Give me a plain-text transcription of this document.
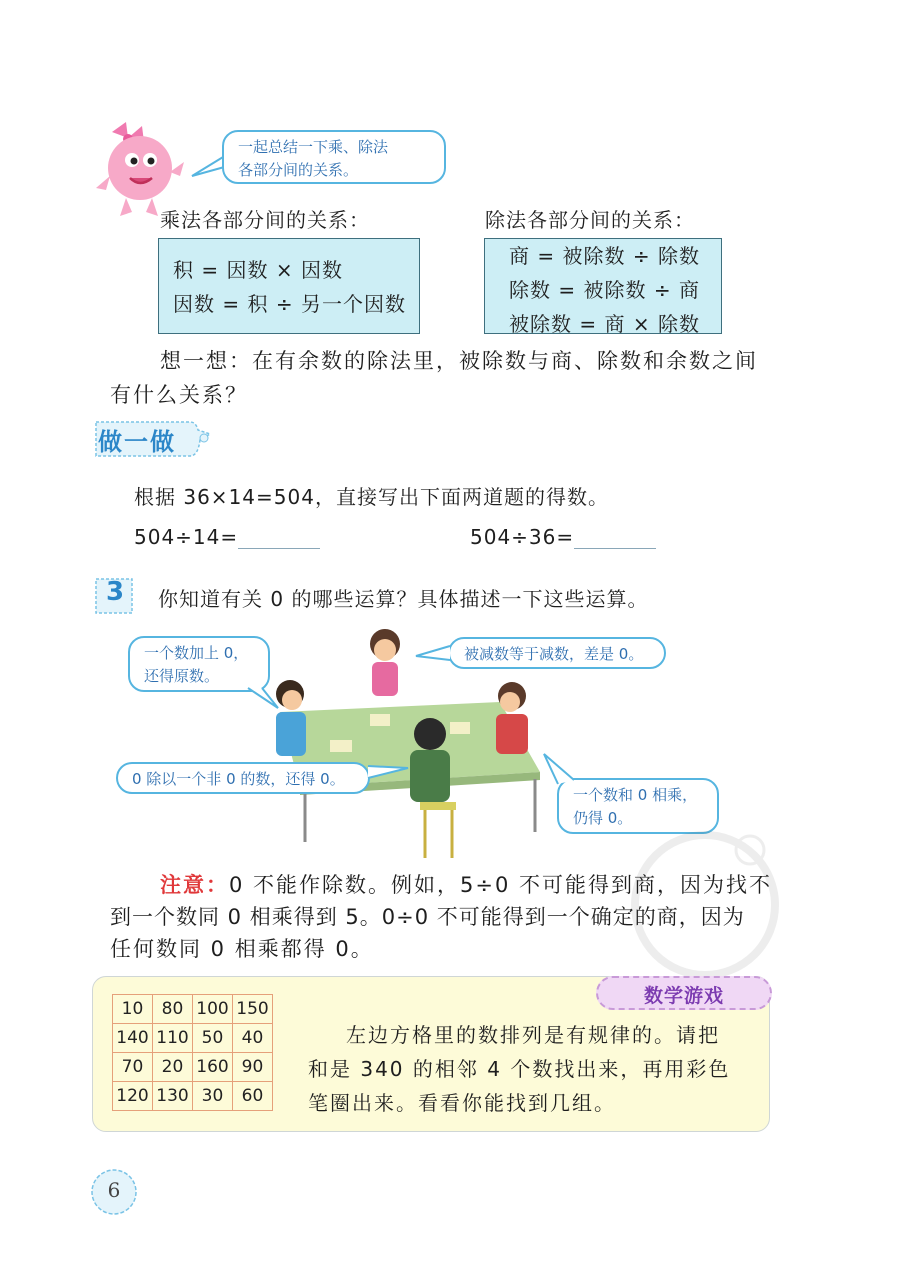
一起总结一下乘、除法
各部分间的关系。
乘法各部分间的关系：	除法各部分间的关系：
积 = 因数 × 因数
因数 = 积 ÷ 另一个因数
商 = 被除数 ÷ 除数
除数 = 被除数 ÷ 商
被除数 = 商 × 除数
想一想：在有余数的除法里，被除数与商、除数和余数之间
有什么关系？
做一做
根据 36×14=504，直接写出下面两道题的得数。
504÷14=	504÷36=
3 你知道有关 0 的哪些运算？具体描述一下这些运算。
一个数加上 0，
还得原数。
被减数等于减数，差是 0。
0 除以一个非 0 的数，还得 0。
一个数和 0 相乘，
仍得 0。
注意：0 不能作除数。例如，5÷0 不可能得到商，因为找不
到一个数同 0 相乘得到 5。0÷0 不可能得到一个确定的商，因为
任何数同 0 相乘都得 0。
数学游戏
10	80	100	150
140	110	50	40
70	20	160	90
120	130	30	60
左边方格里的数排列是有规律的。请把
和是 340 的相邻 4 个数找出来，再用彩色
笔圈出来。看看你能找到几组。
6
